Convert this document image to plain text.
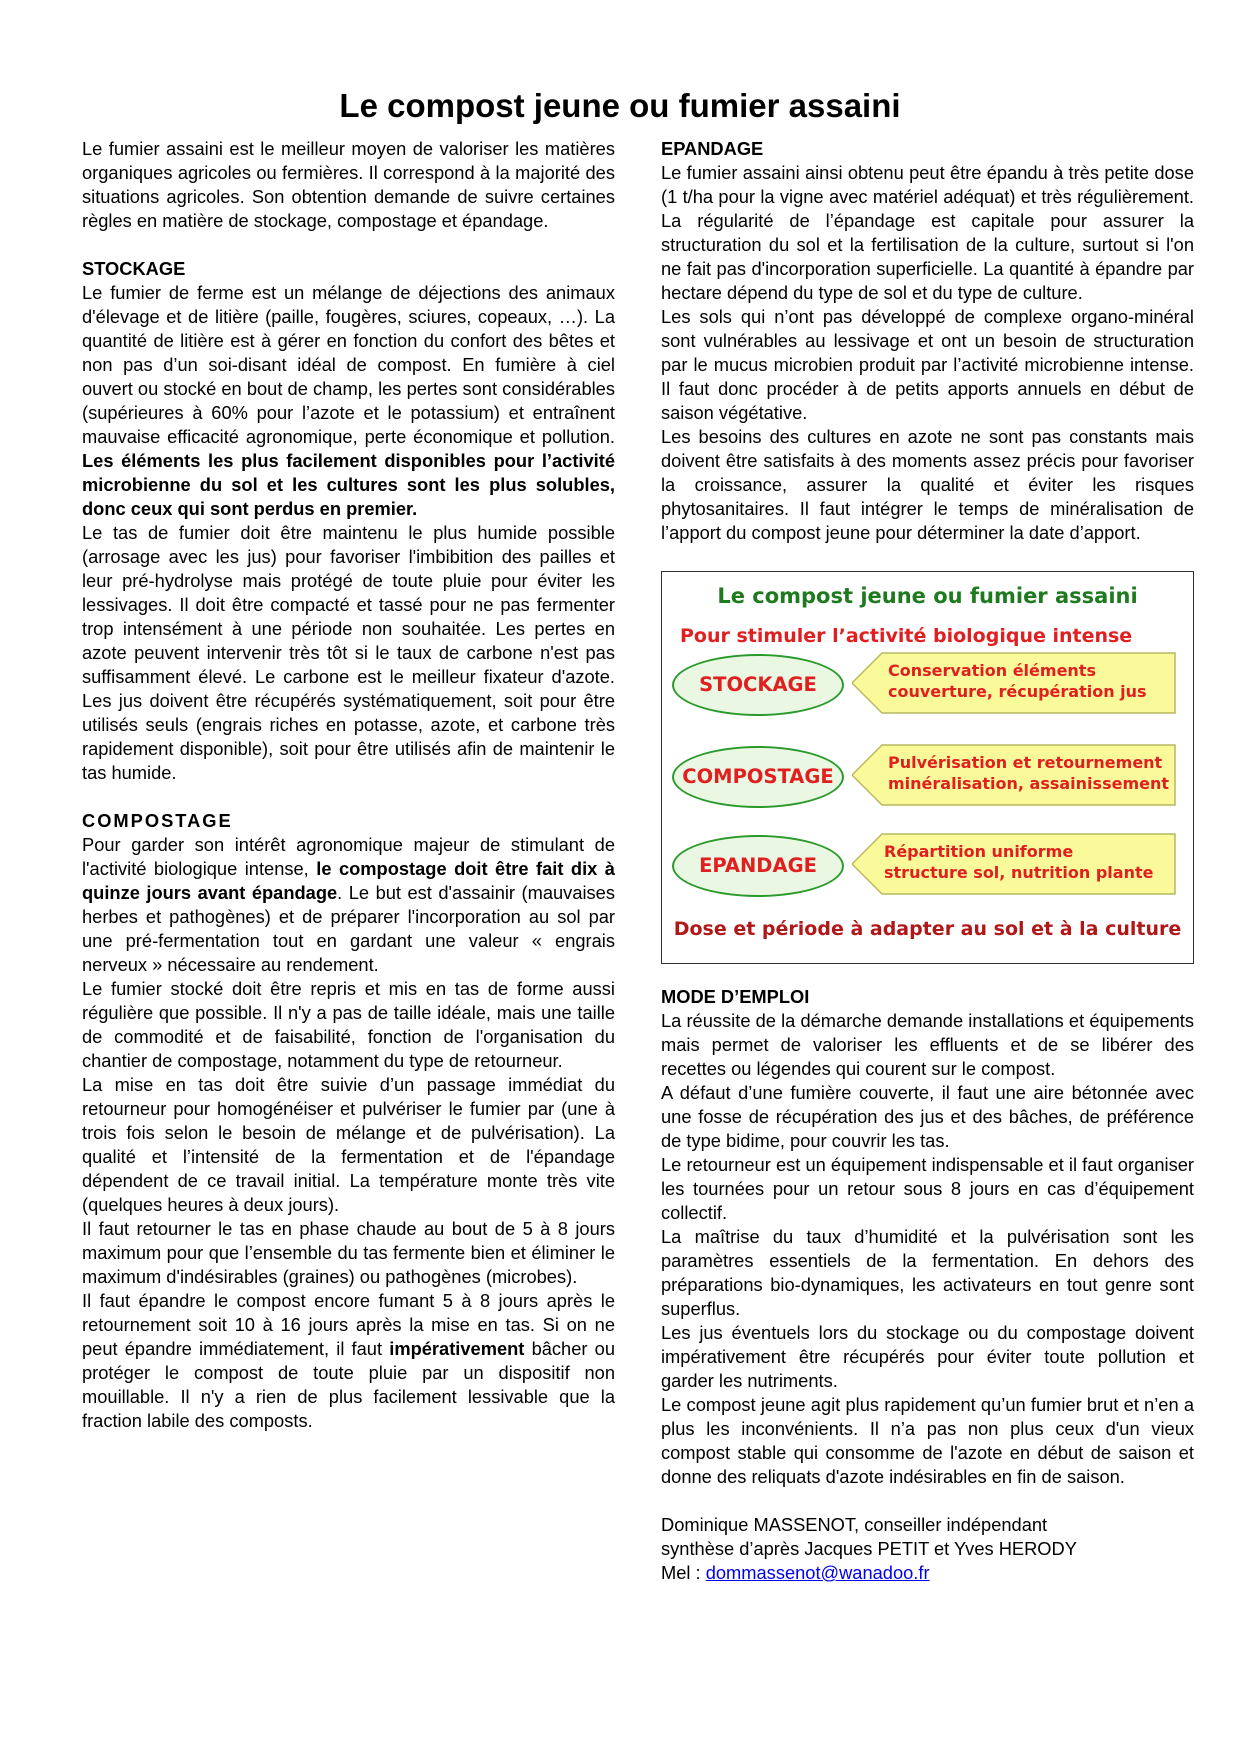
Le compost jeune ou fumier assaini

Le fumier assaini est le meilleur moyen de valoriser les matières organiques agricoles ou fermières. Il correspond à la majorité des situations agricoles. Son obtention demande de suivre certaines règles en matière de stockage, compostage et épandage.

STOCKAGE

Le fumier de ferme est un mélange de déjections des animaux d'élevage et de litière (paille, fougères, sciures, copeaux, …). La quantité de litière est à gérer en fonction du confort des bêtes et non pas d’un soi-disant idéal de compost. En fumière à ciel ouvert ou stocké en bout de champ, les pertes sont considérables (supérieures à 60% pour l’azote et le potassium) et entraînent mauvaise efficacité agronomique, perte économique et pollution. Les éléments les plus facilement disponibles pour l’activité microbienne du sol et les cultures sont les plus solubles, donc ceux qui sont perdus en premier.

Le tas de fumier doit être maintenu le plus humide possible (arrosage avec les jus) pour favoriser l'imbibition des pailles et leur pré-hydrolyse mais protégé de toute pluie pour éviter les lessivages. Il doit être compacté et tassé pour ne pas fermenter trop intensément à une période non souhaitée. Les pertes en azote peuvent intervenir très tôt si le taux de carbone n'est pas suffisamment élevé. Le carbone est le meilleur fixateur d'azote. Les jus doivent être récupérés systématiquement, soit pour être utilisés seuls (engrais riches en potasse, azote, et carbone très rapidement disponible), soit pour être utilisés afin de maintenir le tas humide.

COMPOSTAGE

Pour garder son intérêt agronomique majeur de stimulant de l'activité biologique intense, le compostage doit être fait dix à quinze jours avant épandage. Le but est d'assainir (mauvaises herbes et pathogènes) et de préparer l'incorporation au sol par une pré-fermentation tout en gardant une valeur « engrais nerveux » nécessaire au rendement.

Le fumier stocké doit être repris et mis en tas de forme aussi régulière que possible. Il n'y a pas de taille idéale, mais une taille de commodité et de faisabilité, fonction de l'organisation du chantier de compostage, notamment du type de retourneur.

La mise en tas doit être suivie d’un passage immédiat du retourneur pour homogénéiser et pulvériser le fumier par (une à trois fois selon le besoin de mélange et de pulvérisation). La qualité et l’intensité de la fermentation et de l'épandage dépendent de ce travail initial. La température monte très vite (quelques heures à deux jours).

Il faut retourner le tas en phase chaude au bout de 5 à 8 jours maximum pour que l’ensemble du tas fermente bien et éliminer le maximum d'indésirables (graines) ou pathogènes (microbes).

Il faut épandre le compost encore fumant 5 à 8 jours après le retournement soit 10 à 16 jours après la mise en tas. Si on ne peut épandre immédiatement, il faut impérativement bâcher ou protéger le compost de toute pluie par un dispositif non mouillable. Il n'y a rien de plus facilement lessivable que la fraction labile des composts.

EPANDAGE

Le fumier assaini ainsi obtenu peut être épandu à très petite dose (1 t/ha pour la vigne avec matériel adéquat) et très régulièrement. La régularité de l’épandage est capitale pour assurer la structuration du sol et la fertilisation de la culture, surtout si l'on ne fait pas d'incorporation superficielle. La quantité à épandre par hectare dépend du type de sol et du type de culture.

Les sols qui n’ont pas développé de complexe organo-minéral sont vulnérables au lessivage et ont un besoin de structuration par le mucus microbien produit par l’activité microbienne intense. Il faut donc procéder à de petits apports annuels en début de saison végétative.

Les besoins des cultures en azote ne sont pas constants mais doivent être satisfaits à des moments assez précis pour favoriser la croissance, assurer la qualité et éviter les risques phytosanitaires. Il faut intégrer le temps de minéralisation de l’apport du compost jeune pour déterminer la date d’apport.

Le compost jeune ou fumier assaini
Pour stimuler l’activité biologique intense
STOCKAGE
Conservation éléments
couverture, récupération jus
COMPOSTAGE
Pulvérisation et retournement
minéralisation, assainissement
EPANDAGE
Répartition uniforme
structure sol, nutrition plante
Dose et période à adapter au sol et à la culture
MODE D’EMPLOI

La réussite de la démarche demande installations et équipements mais permet de valoriser les effluents et de se libérer des recettes ou légendes qui courent sur le compost.

A défaut d’une fumière couverte, il faut une aire bétonnée avec une fosse de récupération des jus et des bâches, de préférence de type bidime, pour couvrir les tas.

Le retourneur est un équipement indispensable et il faut organiser les tournées pour un retour sous 8 jours en cas d’équipement collectif.

La maîtrise du taux d’humidité et la pulvérisation sont les paramètres essentiels de la fermentation. En dehors des préparations bio-dynamiques, les activateurs en tout genre sont superflus.

Les jus éventuels lors du stockage ou du compostage doivent impérativement être récupérés pour éviter toute pollution et garder les nutriments.

Le compost jeune agit plus rapidement qu’un fumier brut et n’en a plus les inconvénients. Il n’a pas non plus ceux d'un vieux compost stable qui consomme de l'azote en début de saison et donne des reliquats d'azote indésirables en fin de saison.

Dominique MASSENOT, conseiller indépendant

synthèse d’après Jacques PETIT et Yves HERODY

Mel : dommassenot@wanadoo.fr
